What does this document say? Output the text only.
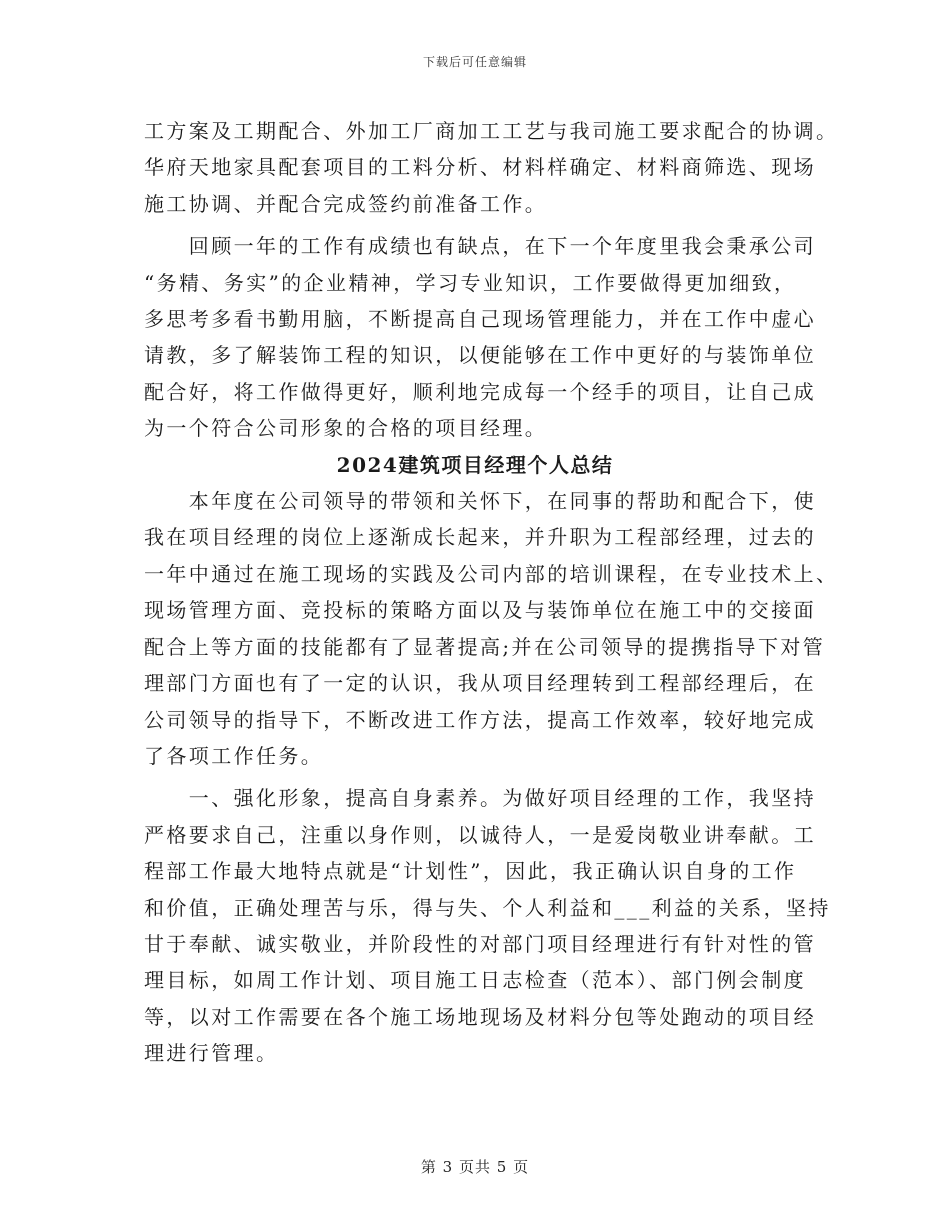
下载后可任意编辑
工方案及工期配合、外加工厂商加工工艺与我司施工要求配合的协调。
华府天地家具配套项目的工料分析、材料样确定、材料商筛选、现场
施工协调、并配合完成签约前准备工作。
　　回顾一年的工作有成绩也有缺点，在下一个年度里我会秉承公司
“务精、务实”的企业精神，学习专业知识，工作要做得更加细致，
多思考多看书勤用脑，不断提高自己现场管理能力，并在工作中虚心
请教，多了解装饰工程的知识，以便能够在工作中更好的与装饰单位
配合好，将工作做得更好，顺利地完成每一个经手的项目，让自己成
为一个符合公司形象的合格的项目经理。
2024建筑项目经理个人总结
　　本年度在公司领导的带领和关怀下，在同事的帮助和配合下，使
我在项目经理的岗位上逐渐成长起来，并升职为工程部经理，过去的
一年中通过在施工现场的实践及公司内部的培训课程，在专业技术上、
现场管理方面、竞投标的策略方面以及与装饰单位在施工中的交接面
配合上等方面的技能都有了显著提高;并在公司领导的提携指导下对管
理部门方面也有了一定的认识，我从项目经理转到工程部经理后，在
公司领导的指导下，不断改进工作方法，提高工作效率，较好地完成
了各项工作任务。
　　一、强化形象，提高自身素养。为做好项目经理的工作，我坚持
严格要求自己，注重以身作则，以诚待人，一是爱岗敬业讲奉献。工
程部工作最大地特点就是“计划性”，因此，我正确认识自身的工作
和价值，正确处理苦与乐，得与失、个人利益和___利益的关系，坚持
甘于奉献、诚实敬业，并阶段性的对部门项目经理进行有针对性的管
理目标，如周工作计划、项目施工日志检查（范本）、部门例会制度
等，以对工作需要在各个施工场地现场及材料分包等处跑动的项目经
理进行管理。
第 3 页共 5 页
